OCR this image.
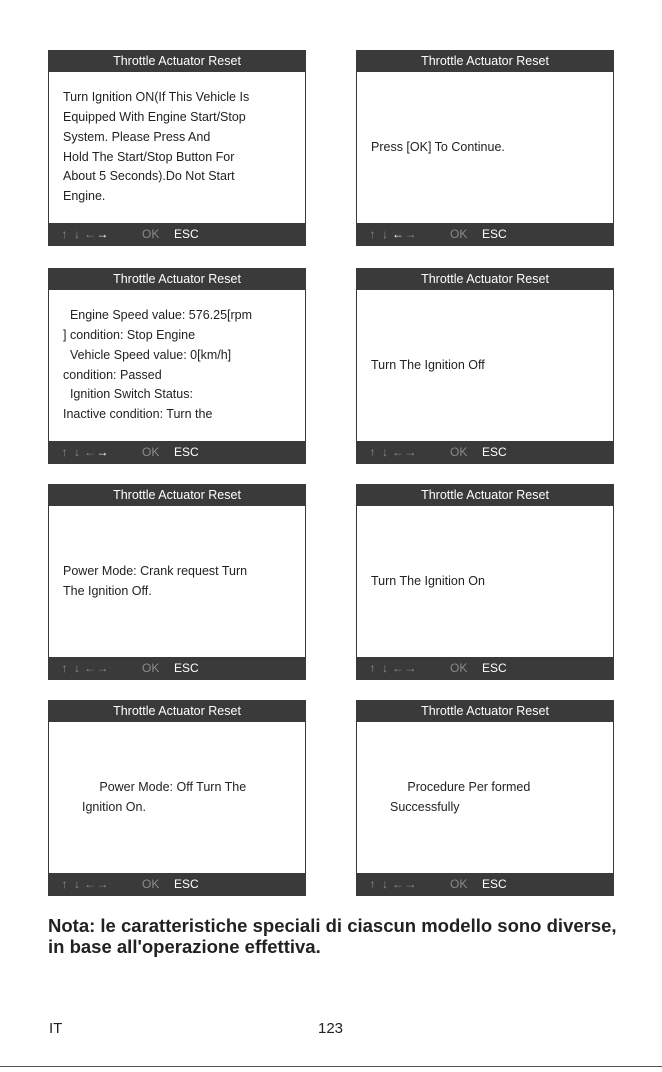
Throttle Actuator Reset
Turn Ignition ON(If This Vehicle Is
Equipped With Engine Start/Stop
System. Please Press And
Hold The Start/Stop Button For
About 5 Seconds).Do Not Start
Engine.
↑ ↓ ←→	OK ESC
Throttle Actuator Reset
Press [OK] To Continue.
↑ ↓ ←→	OK ESC
Throttle Actuator Reset
Engine Speed value: 576.25[rpm
] condition: Stop Engine
Vehicle Speed value: 0[km/h]
condition: Passed
Ignition Switch Status:
Inactive condition: Turn the
↑ ↓ ←→	OK ESC
Throttle Actuator Reset
Turn The Ignition Off
↑ ↓ ←→	OK ESC
Throttle Actuator Reset
Power Mode: Crank request Turn
The Ignition Off.
↑ ↓ ←→	OK ESC
Throttle Actuator Reset
Turn The Ignition On
↑ ↓ ←→	OK ESC
Throttle Actuator Reset
Power Mode: Off Turn The
Ignition On.
↑ ↓ ←→	OK ESC
Throttle Actuator Reset
Procedure Per formed
Successfully
↑ ↓ ←→	OK ESC
Nota: le caratteristiche speciali di ciascun modello sono diverse, in base all'operazione effettiva.
IT	123
